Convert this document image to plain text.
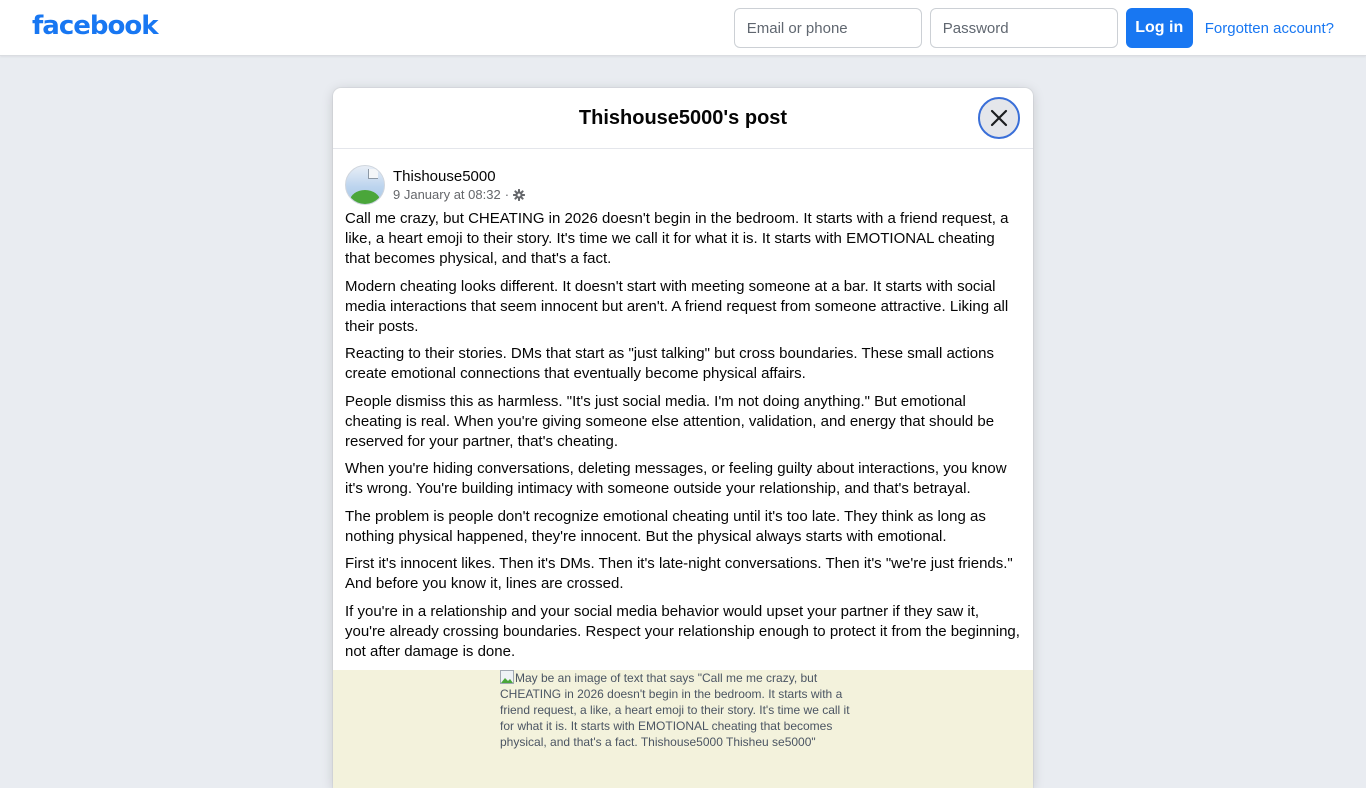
facebook
Email or phone	Log in	Forgotten account?
Thishouse5000's post
Thishouse5000
9 January at 08:32 ·

Call me crazy, but CHEATING in 2026 doesn't begin in the bedroom. It starts with a friend request, a like, a heart emoji to their story. It's time we call it for what it is. It starts with EMOTIONAL cheating that becomes physical, and that's a fact.

Modern cheating looks different. It doesn't start with meeting someone at a bar. It starts with social media interactions that seem innocent but aren't. A friend request from someone attractive. Liking all their posts.

Reacting to their stories. DMs that start as "just talking" but cross boundaries. These small actions create emotional connections that eventually become physical affairs.

People dismiss this as harmless. "It's just social media. I'm not doing anything." But emotional cheating is real. When you're giving someone else attention, validation, and energy that should be reserved for your partner, that's cheating.

When you're hiding conversations, deleting messages, or feeling guilty about interactions, you know it's wrong. You're building intimacy with someone outside your relationship, and that's betrayal.

The problem is people don't recognize emotional cheating until it's too late. They think as long as nothing physical happened, they're innocent. But the physical always starts with emotional.

First it's innocent likes. Then it's DMs. Then it's late-night conversations. Then it's "we're just friends." And before you know it, lines are crossed.

If you're in a relationship and your social media behavior would upset your partner if they saw it, you're already crossing boundaries. Respect your relationship enough to protect it from the beginning, not after damage is done.

May be an image of text that says "Call me me crazy, but CHEATING in 2026 doesn't begin in the bedroom. It starts with a friend request, a like, a heart emoji to their story. It's time we call it for what it is. It starts with EMOTIONAL cheating that becomes physical, and that's a fact. Thishouse5000 Thisheu se5000"
